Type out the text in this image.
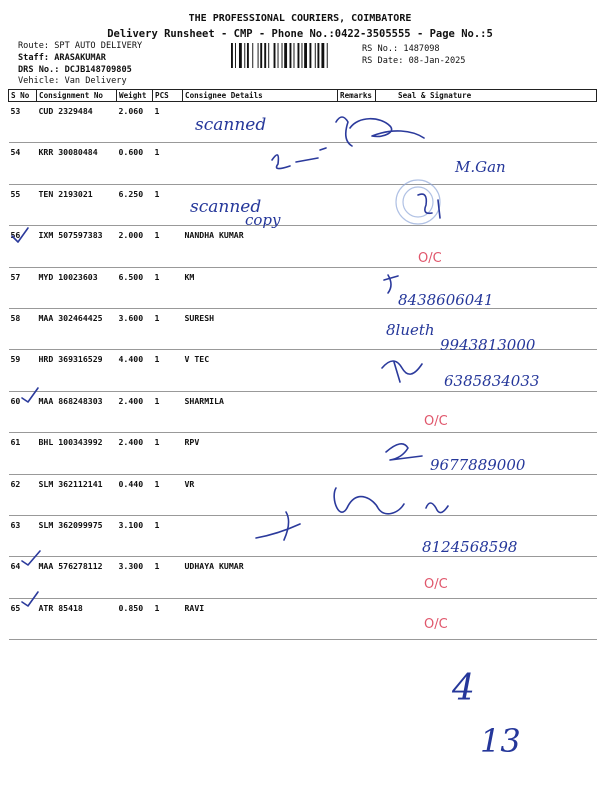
THE PROFESSIONAL COURIERS, COIMBATORE
Delivery Runsheet - CMP - Phone No.:0422-3505555 - Page No.:5
Route: SPT AUTO DELIVERY
Staff: ARASAKUMAR
DRS No.: DCJB148709805
Vehicle: Van Delivery
RS No.: 1487098
RS Date: 08-Jan-2025
S No	Consignment No	Weight	PCS	Consignee Details	Remarks	Seal & Signature
53	CUD 2329484	2.060	1			
54	KRR 30080484	0.600	1			
55	TEN 2193021	6.250	1			
56	IXM 507597383	2.000	1	NANDHA KUMAR		
57	MYD 10023603	6.500	1	KM		
58	MAA 302464425	3.600	1	SURESH		
59	HRD 369316529	4.400	1	V TEC		
60	MAA 868248303	2.400	1	SHARMILA		
61	BHL 100343992	2.400	1	RPV		
62	SLM 362112141	0.440	1	VR		
63	SLM 362099975	3.100	1			
64	MAA 576278112	3.300	1	UDHAYA KUMAR		
65	ATR 85418	0.850	1	RAVI		
scanned
M.Gan
scanned
copy
O/C
8438606041
8lueth
9943813000
6385834033
O/C
9677889000
8124568598
O/C
O/C
4
13
